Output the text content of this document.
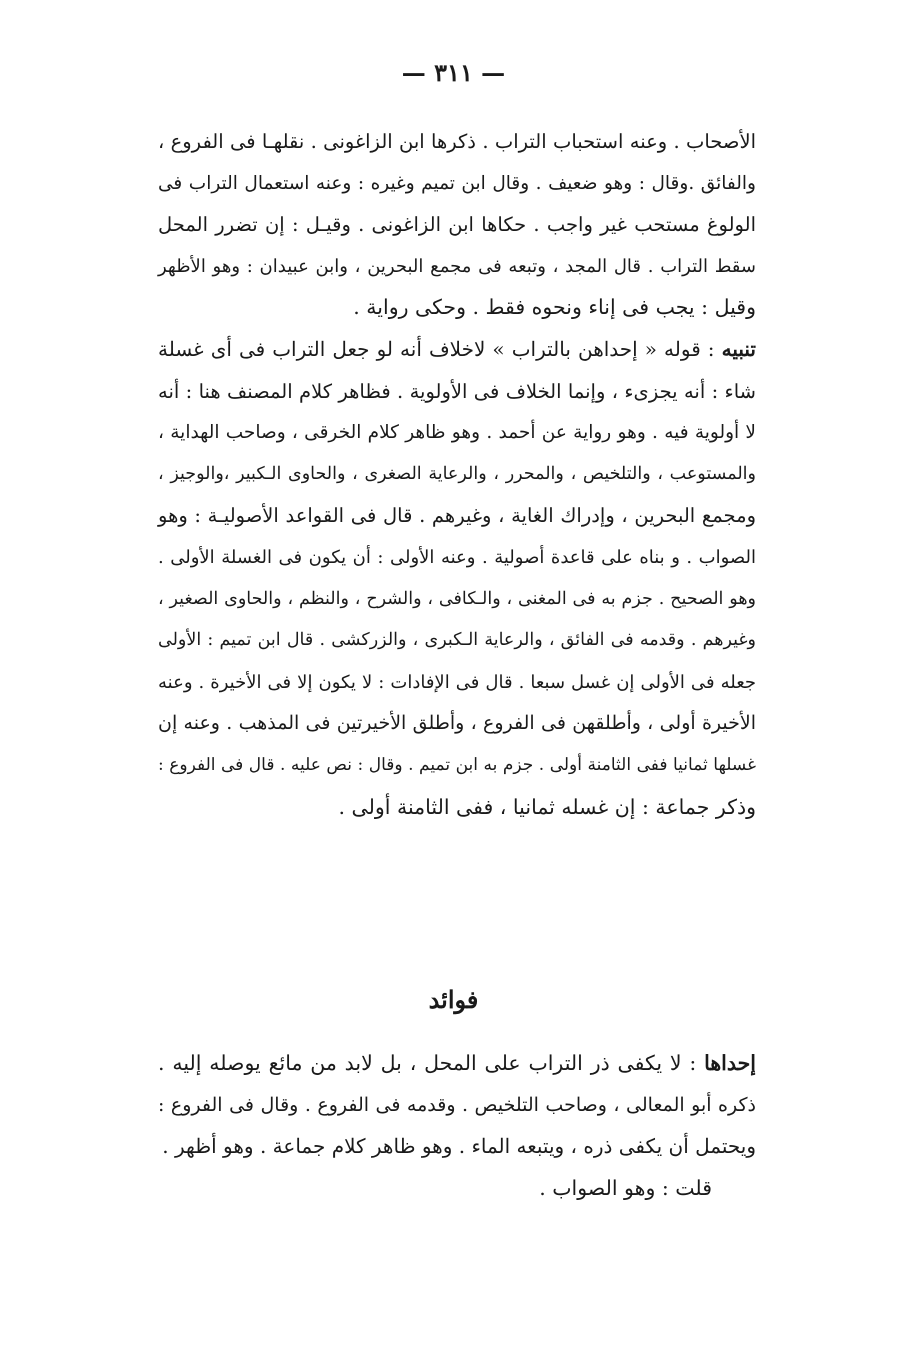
— ٣١١ —
الأصحاب . وعنه استحباب التراب . ذكرها ابن الزاغونى . نقلهـا فى الفروع ،
والفائق .وقال : وهو ضعيف . وقال ابن تميم وغيره : وعنه استعمال التراب فى
الولوغ مستحب غير واجب . حكاها ابن الزاغونى . وقيـل : إن تضرر المحل
سقط التراب . قال المجد ، وتبعه فى مجمع البحرين ، وابن عبيدان : وهو الأظهر
وقيل : يجب فى إناء ونحوه فقط . وحكى رواية .
تنبيه : قوله « إحداهن بالتراب » لاخلاف أنه لو جعل التراب فى أى غسلة
شاء : أنه يجزىء ، وإنما الخلاف فى الأولوية . فظاهر كلام المصنف هنا : أنه
لا أولوية فيه . وهو رواية عن أحمد . وهو ظاهر كلام الخرقى ، وصاحب الهداية ،
والمستوعب ، والتلخيص ، والمحرر ، والرعاية الصغرى ، والحاوى الـكبير ،والوجيز ،
ومجمع البحرين ، وإدراك الغاية ، وغيرهم . قال فى القواعد الأصوليـة : وهو
الصواب . و بناه على قاعدة أصولية . وعنه الأولى : أن يكون فى الغسلة الأولى .
وهو الصحيح . جزم به فى المغنى ، والـكافى ، والشرح ، والنظم ، والحاوى الصغير ،
وغيرهم . وقدمه فى الفائق ، والرعاية الـكبرى ، والزركشى . قال ابن تميم : الأولى
جعله فى الأولى إن غسل سبعا . قال فى الإفادات : لا يكون إلا فى الأخيرة . وعنه
الأخيرة أولى ، وأطلقهن فى الفروع ، وأطلق الأخيرتين فى المذهب . وعنه إن
غسلها ثمانيا ففى الثامنة أولى . جزم به ابن تميم . وقال : نص عليه . قال فى الفروع :
وذكر جماعة : إن غسله ثمانيا ، ففى الثامنة أولى .
فوائد
إحداها : لا يكفى ذر التراب على المحل ، بل لابد من مائع يوصله إليه .
ذكره أبو المعالى ، وصاحب التلخيص . وقدمه فى الفروع . وقال فى الفروع :
ويحتمل أن يكفى ذره ، ويتبعه الماء . وهو ظاهر كلام جماعة . وهو أظهر .
قلت : وهو الصواب .
